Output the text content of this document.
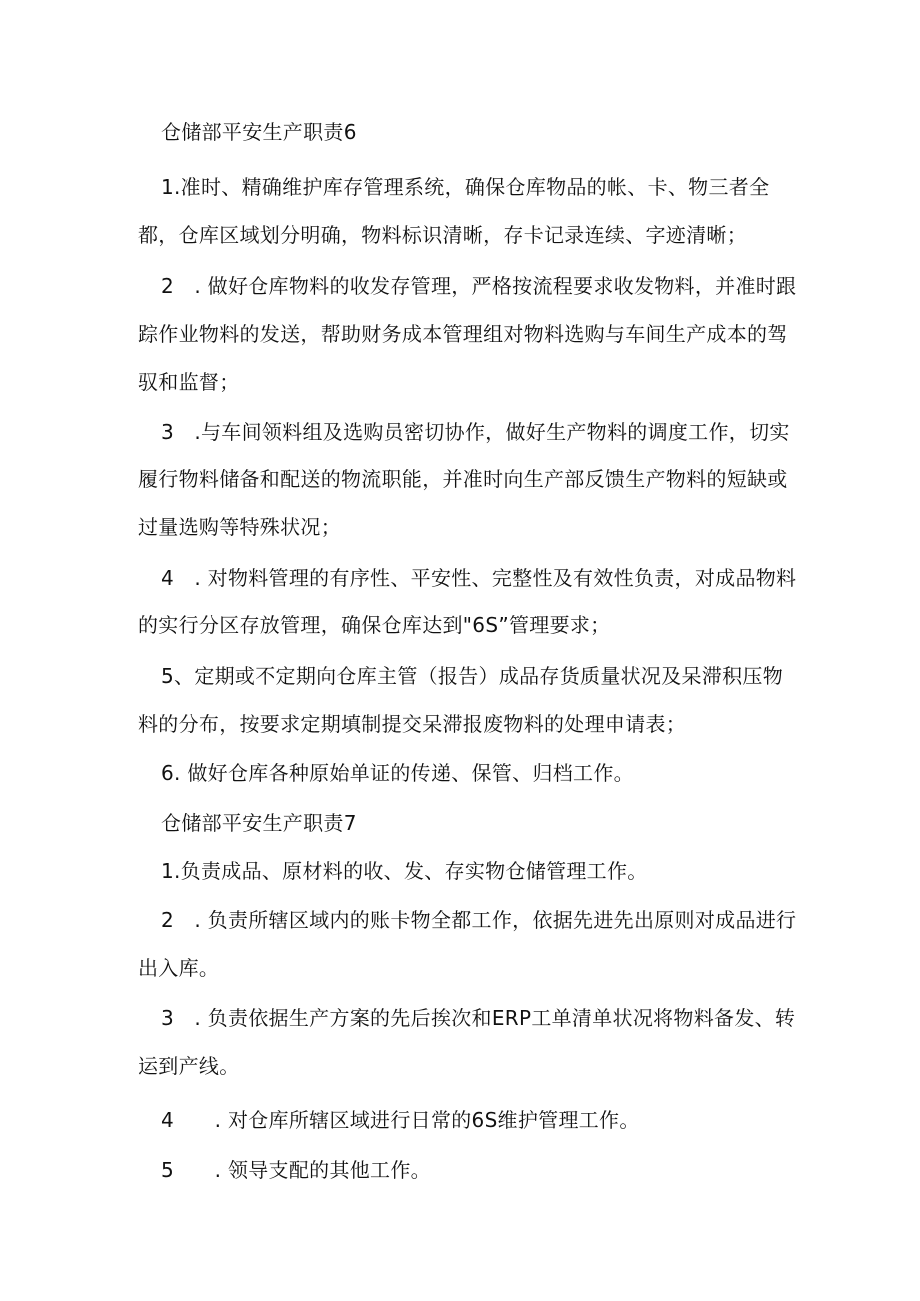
仓储部平安生产职责6
1.准时、精确维护库存管理系统，确保仓库物品的帐、卡、物三者全
都，仓库区域划分明确，物料标识清晰，存卡记录连续、字迹清晰；
2　. 做好仓库物料的收发存管理，严格按流程要求收发物料，并准时跟
踪作业物料的发送，帮助财务成本管理组对物料选购与车间生产成本的驾
驭和监督；
3　.与车间领料组及选购员密切协作，做好生产物料的调度工作，切实
履行物料储备和配送的物流职能，并准时向生产部反馈生产物料的短缺或
过量选购等特殊状况；
4　. 对物料管理的有序性、平安性、完整性及有效性负责，对成品物料
的实行分区存放管理，确保仓库达到"6S”管理要求；
5、定期或不定期向仓库主管（报告）成品存货质量状况及呆滞积压物
料的分布，按要求定期填制提交呆滞报废物料的处理申请表；
6. 做好仓库各种原始单证的传递、保管、归档工作。
仓储部平安生产职责7
1.负责成品、原材料的收、发、存实物仓储管理工作。
2　. 负责所辖区域内的账卡物全都工作，依据先进先出原则对成品进行
出入库。
3　. 负责依据生产方案的先后挨次和ERP工单清单状况将物料备发、转
运到产线。
4　　. 对仓库所辖区域进行日常的6S维护管理工作。
5　　. 领导支配的其他工作。
